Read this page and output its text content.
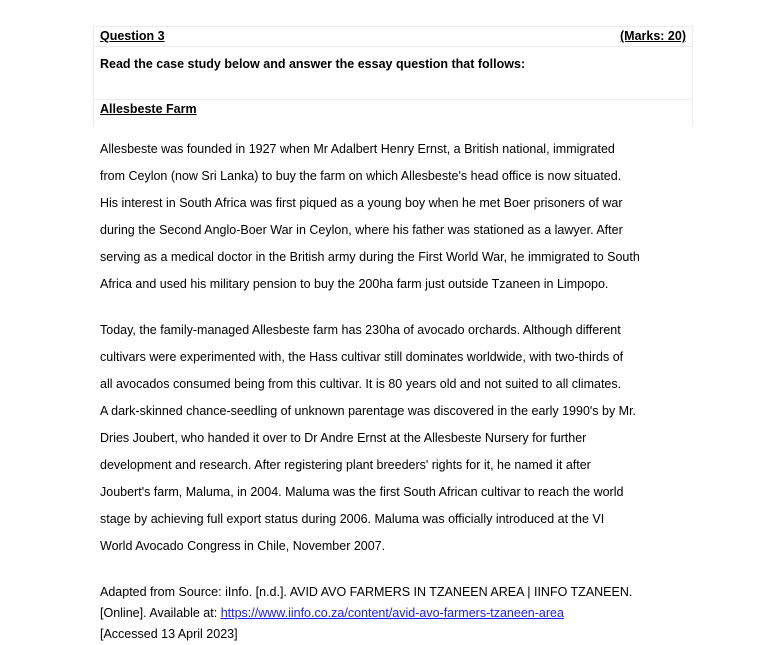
Question 3	(Marks: 20)
Read the case study below and answer the essay question that follows:
Allesbeste Farm
Allesbeste was founded in 1927 when Mr Adalbert Henry Ernst, a British national, immigrated
from Ceylon (now Sri Lanka) to buy the farm on which Allesbeste's head office is now situated.
His interest in South Africa was first piqued as a young boy when he met Boer prisoners of war
during the Second Anglo-Boer War in Ceylon, where his father was stationed as a lawyer. After
serving as a medical doctor in the British army during the First World War, he immigrated to South
Africa and used his military pension to buy the 200ha farm just outside Tzaneen in Limpopo.
Today, the family-managed Allesbeste farm has 230ha of avocado orchards. Although different
cultivars were experimented with, the Hass cultivar still dominates worldwide, with two-thirds of
all avocados consumed being from this cultivar. It is 80 years old and not suited to all climates.
A dark-skinned chance-seedling of unknown parentage was discovered in the early 1990's by Mr.
Dries Joubert, who handed it over to Dr Andre Ernst at the Allesbeste Nursery for further
development and research. After registering plant breeders' rights for it, he named it after
Joubert's farm, Maluma, in 2004. Maluma was the first South African cultivar to reach the world
stage by achieving full export status during 2006. Maluma was officially introduced at the VI
World Avocado Congress in Chile, November 2007.
Adapted from Source: iInfo. [n.d.]. AVID AVO FARMERS IN TZANEEN AREA | IINFO TZANEEN.
[Online]. Available at: https://www.iinfo.co.za/content/avid-avo-farmers-tzaneen-area
[Accessed 13 April 2023]
